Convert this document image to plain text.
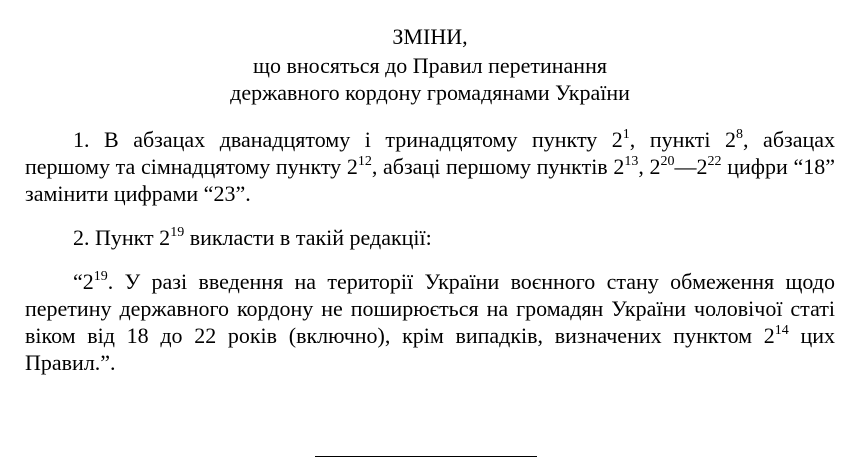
ЗМІНИ,

що вносяться до Правил перетинання

державного кордону громадянами України

1. В абзацах дванадцятому і тринадцятому пункту $2^1$, пункті $2^8$, абзацах першому та сімнадцятому пункту $2^{12}$, абзаці першому пунктів $2^{13}$, $2^{20}—2^{22}$ цифри “18” замінити цифрами “23”.

2. Пункт $2^{19}$ викласти в такій редакції:

“$2^{19}$. У разі введення на території України воєнного стану обмеження щодо перетину державного кордону не поширюється на громадян України чоловічої статі віком від 18 до 22 років (включно), крім випадків, визначених пунктом $2^{14}$ цих Правил.”.
